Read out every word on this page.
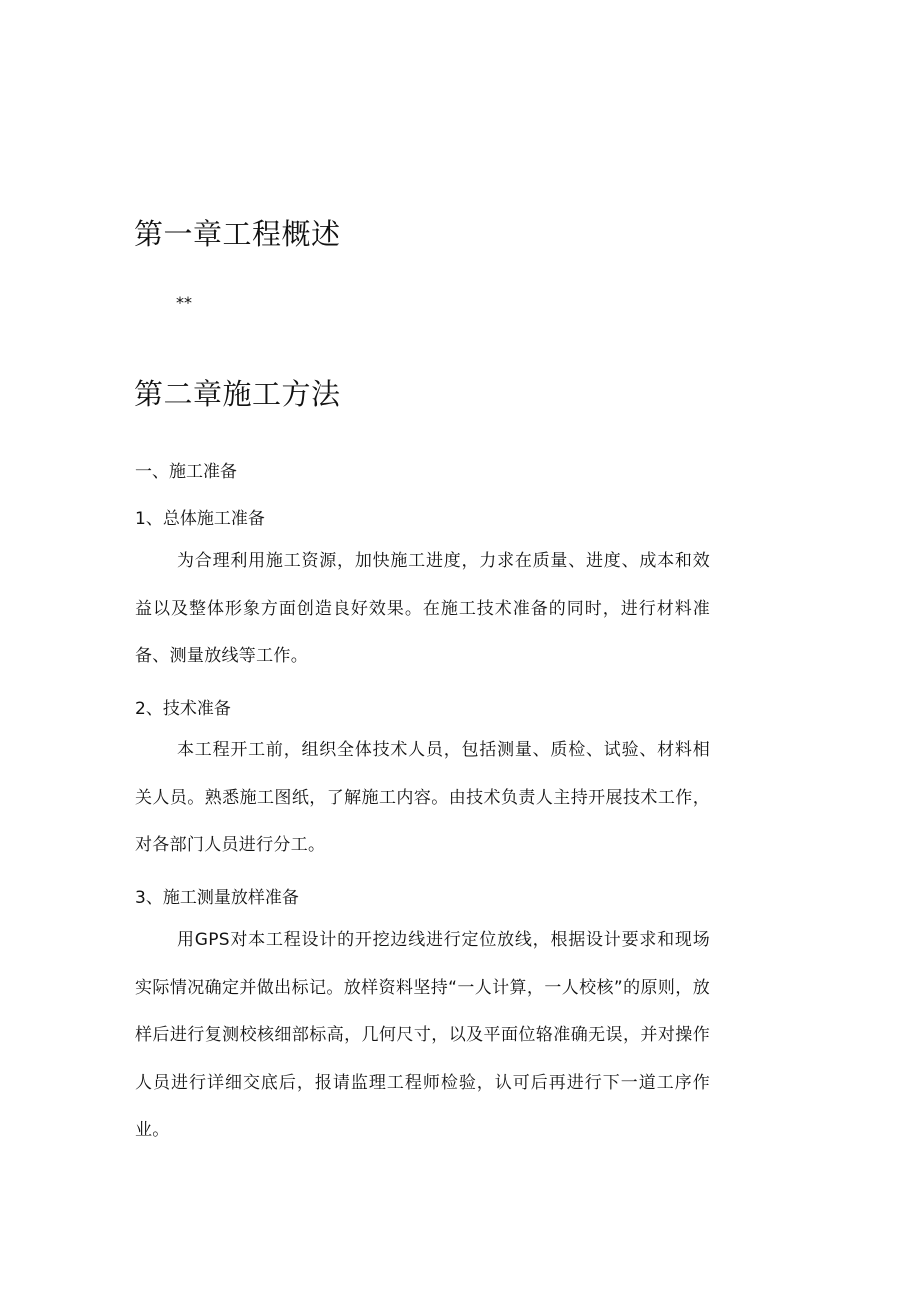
第一章工程概述
**
第二章施工方法
一、施工准备
1、总体施工准备

为合理利用施工资源，加快施工进度，力求在质量、进度、成本和效益以及整体形象方面创造良好效果。在施工技术准备的同时，进行材料准备、测量放线等工作。

2、技术准备

本工程开工前，组织全体技术人员，包括测量、质检、试验、材料相关人员。熟悉施工图纸，了解施工内容。由技术负责人主持开展技术工作，对各部门人员进行分工。

3、施工测量放样准备

用GPS对本工程设计的开挖边线进行定位放线，根据设计要求和现场实际情况确定并做出标记。放样资料坚持“一人计算，一人校核”的原则，放样后进行复测校核细部标高，几何尺寸，以及平面位辂准确无误，并对操作人员进行详细交底后，报请监理工程师检验，认可后再进行下一道工序作业。
